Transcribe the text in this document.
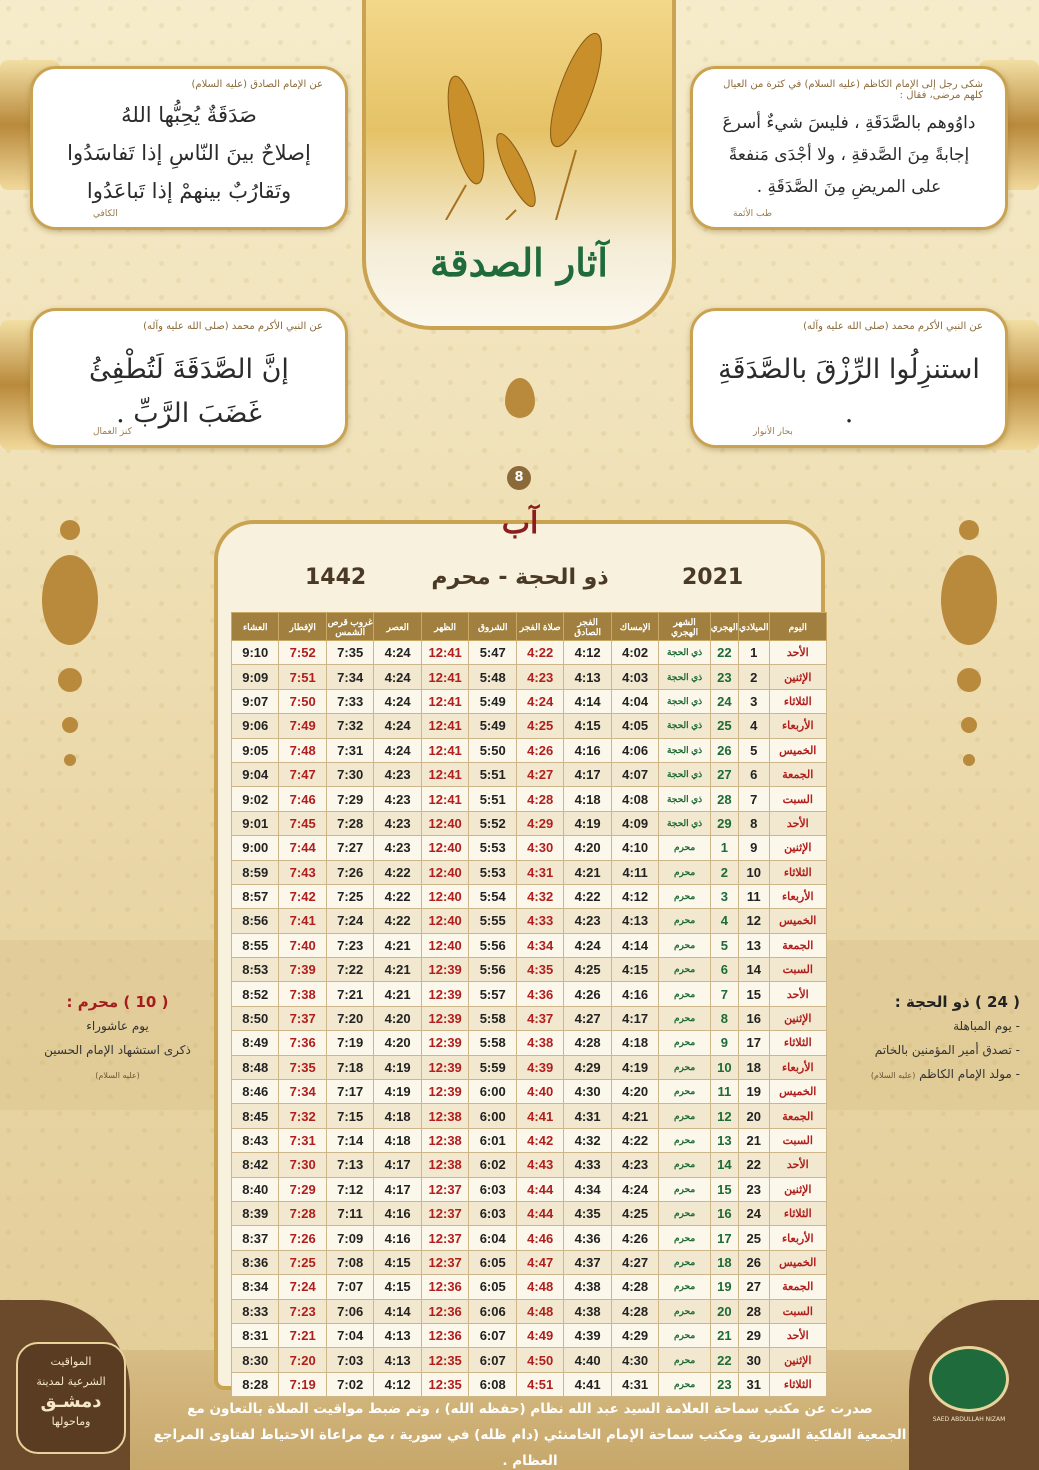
عن الإمام الصادق (عليه السلام)
صَدَقَةٌ يُحِبُّها اللهُ
إصلاحٌ بينَ النّاسِ إذا تَفاسَدُوا
وتَقارُبٌ بينهمْ إذا تَباعَدُوا
الكافي
شكى رجل إلى الإمام الكاظم (عليه السلام) في كثرة من العيال كلهم مرضى، فقال :
داوُوهم بالصَّدَقَةِ ، فليسَ شيءٌ أسرعَ
إجابةً مِنَ الصَّدقةِ ، ولا أجْدَى مَنفعةً
على المريضِ مِنَ الصَّدَقَةِ .
طب الأئمة
عن النبي الأكرم محمد (صلى الله عليه وآله)
إنَّ الصَّدَقَةَ لَتُطْفِئُ غَضَبَ الرَّبِّ .
كنز العمال
عن النبي الأكرم محمد (صلى الله عليه وآله)
استنزِلُوا الرِّزْقَ بالصَّدَقَةِ .
بحار الأنوار
آثار الصدقة
8
آب
2021
ذو الحجة - محرم
1442
اليوم	الميلادي	الهجري	الشهر الهجري	الإمساك	الفجر الصادق	صلاة الفجر	الشروق	الظهر	العصر	غروب قرص الشمس	الإفطار	العشاء
الأحد	1	22	ذي الحجة	4:02	4:12	4:22	5:47	12:41	4:24	7:35	7:52	9:10
الإثنين	2	23	ذي الحجة	4:03	4:13	4:23	5:48	12:41	4:24	7:34	7:51	9:09
الثلاثاء	3	24	ذي الحجة	4:04	4:14	4:24	5:49	12:41	4:24	7:33	7:50	9:07
الأربعاء	4	25	ذي الحجة	4:05	4:15	4:25	5:49	12:41	4:24	7:32	7:49	9:06
الخميس	5	26	ذي الحجة	4:06	4:16	4:26	5:50	12:41	4:24	7:31	7:48	9:05
الجمعة	6	27	ذي الحجة	4:07	4:17	4:27	5:51	12:41	4:23	7:30	7:47	9:04
السبت	7	28	ذي الحجة	4:08	4:18	4:28	5:51	12:41	4:23	7:29	7:46	9:02
الأحد	8	29	ذي الحجة	4:09	4:19	4:29	5:52	12:40	4:23	7:28	7:45	9:01
الإثنين	9	1	محرم	4:10	4:20	4:30	5:53	12:40	4:23	7:27	7:44	9:00
الثلاثاء	10	2	محرم	4:11	4:21	4:31	5:53	12:40	4:22	7:26	7:43	8:59
الأربعاء	11	3	محرم	4:12	4:22	4:32	5:54	12:40	4:22	7:25	7:42	8:57
الخميس	12	4	محرم	4:13	4:23	4:33	5:55	12:40	4:22	7:24	7:41	8:56
الجمعة	13	5	محرم	4:14	4:24	4:34	5:56	12:40	4:21	7:23	7:40	8:55
السبت	14	6	محرم	4:15	4:25	4:35	5:56	12:39	4:21	7:22	7:39	8:53
الأحد	15	7	محرم	4:16	4:26	4:36	5:57	12:39	4:21	7:21	7:38	8:52
الإثنين	16	8	محرم	4:17	4:27	4:37	5:58	12:39	4:20	7:20	7:37	8:50
الثلاثاء	17	9	محرم	4:18	4:28	4:38	5:58	12:39	4:20	7:19	7:36	8:49
الأربعاء	18	10	محرم	4:19	4:29	4:39	5:59	12:39	4:19	7:18	7:35	8:48
الخميس	19	11	محرم	4:20	4:30	4:40	6:00	12:39	4:19	7:17	7:34	8:46
الجمعة	20	12	محرم	4:21	4:31	4:41	6:00	12:38	4:18	7:15	7:32	8:45
السبت	21	13	محرم	4:22	4:32	4:42	6:01	12:38	4:18	7:14	7:31	8:43
الأحد	22	14	محرم	4:23	4:33	4:43	6:02	12:38	4:17	7:13	7:30	8:42
الإثنين	23	15	محرم	4:24	4:34	4:44	6:03	12:37	4:17	7:12	7:29	8:40
الثلاثاء	24	16	محرم	4:25	4:35	4:44	6:03	12:37	4:16	7:11	7:28	8:39
الأربعاء	25	17	محرم	4:26	4:36	4:46	6:04	12:37	4:16	7:09	7:26	8:37
الخميس	26	18	محرم	4:27	4:37	4:47	6:05	12:37	4:15	7:08	7:25	8:36
الجمعة	27	19	محرم	4:28	4:38	4:48	6:05	12:36	4:15	7:07	7:24	8:34
السبت	28	20	محرم	4:28	4:38	4:48	6:06	12:36	4:14	7:06	7:23	8:33
الأحد	29	21	محرم	4:29	4:39	4:49	6:07	12:36	4:13	7:04	7:21	8:31
الإثنين	30	22	محرم	4:30	4:40	4:50	6:07	12:35	4:13	7:03	7:20	8:30
الثلاثاء	31	23	محرم	4:31	4:41	4:51	6:08	12:35	4:12	7:02	7:19	8:28
( 10 ) محرم :
يوم عاشوراء
ذكرى استشهاد الإمام الحسين
(عليه السلام)
( 24 ) ذو الحجة :
- يوم المباهلة
- تصدق أمير المؤمنين بالخاتم
- مولد الإمام الكاظم (عليه السلام)
المواقيت
الشرعية لمدينة
دمشـق
وماحولها	SAED ABDULLAH NIZAM
صدرت عن مكتب سماحة العلامة السيد عبد الله نظام (حفظه الله) ، وتم ضبط مواقيت الصلاة بالتعاون مع
الجمعية الفلكية السورية ومكتب سماحة الإمام الخامنئي (دام ظله) في سورية ، مع مراعاة الاحتياط لفتاوى المراجع العظام .
